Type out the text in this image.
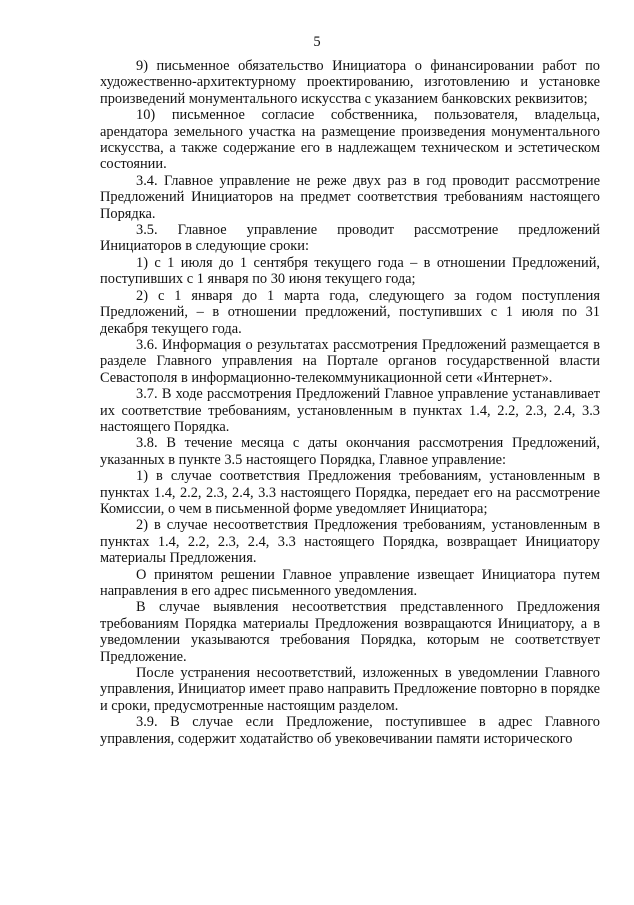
5

9) письменное обязательство Инициатора о финансировании работ по художественно-архитектурному проектированию, изготовлению и установке произведений монументального искусства с указанием банковских реквизитов;

10) письменное согласие собственника, пользователя, владельца, арендатора земельного участка на размещение произведения монументального искусства, а также содержание его в надлежащем техническом и эстетическом состоянии.

3.4. Главное управление не реже двух раз в год проводит рассмотрение Предложений Инициаторов на предмет соответствия требованиям настоящего Порядка.

3.5. Главное управление проводит рассмотрение предложений Инициаторов в следующие сроки:

1) с 1 июля до 1 сентября текущего года – в отношении Предложений, поступивших с 1 января по 30 июня текущего года;

2) с 1 января до 1 марта года, следующего за годом поступления Предложений, – в отношении предложений, поступивших с 1 июля по 31 декабря текущего года.

3.6. Информация о результатах рассмотрения Предложений размещается в разделе Главного управления на Портале органов государственной власти Севастополя в информационно-телекоммуникационной сети «Интернет».

3.7. В ходе рассмотрения Предложений Главное управление устанавливает их соответствие требованиям, установленным в пунктах 1.4, 2.2, 2.3, 2.4, 3.3 настоящего Порядка.

3.8. В течение месяца с даты окончания рассмотрения Предложений, указанных в пункте 3.5 настоящего Порядка, Главное управление:

1) в случае соответствия Предложения требованиям, установленным в пунктах 1.4, 2.2, 2.3, 2.4, 3.3 настоящего Порядка, передает его на рассмотрение Комиссии, о чем в письменной форме уведомляет Инициатора;

2) в случае несоответствия Предложения требованиям, установленным в пунктах 1.4, 2.2, 2.3, 2.4, 3.3 настоящего Порядка, возвращает Инициатору материалы Предложения.

О принятом решении Главное управление извещает Инициатора путем направления в его адрес письменного уведомления.

В случае выявления несоответствия представленного Предложения требованиям Порядка материалы Предложения возвращаются Инициатору, а в уведомлении указываются требования Порядка, которым не соответствует Предложение.

После устранения несоответствий, изложенных в уведомлении Главного управления, Инициатор имеет право направить Предложение повторно в порядке и сроки, предусмотренные настоящим разделом.

3.9. В случае если Предложение, поступившее в адрес Главного управления, содержит ходатайство об увековечивании памяти исторического
